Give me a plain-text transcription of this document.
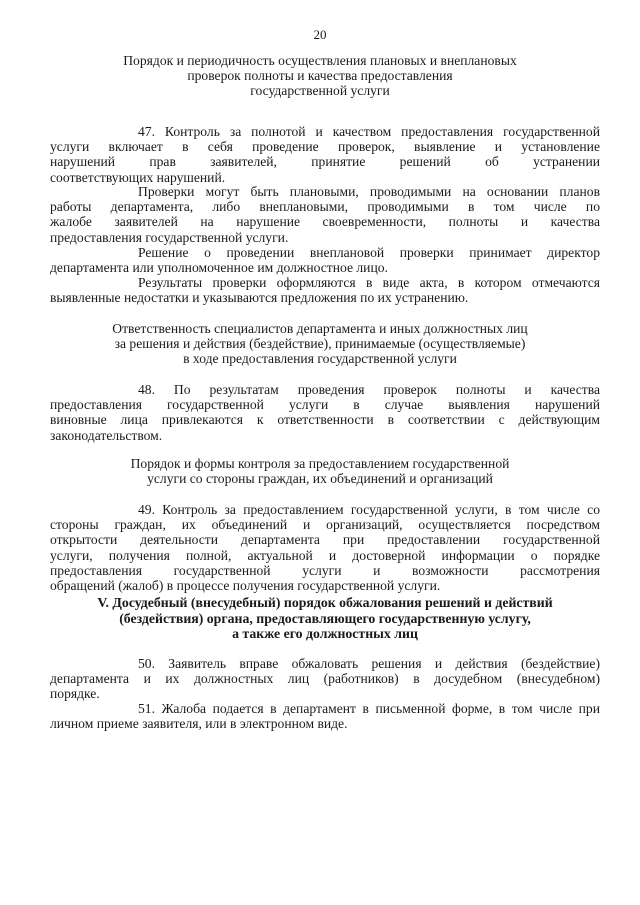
20
Порядок и периодичность осуществления плановых и внеплановых
проверок полноты и качества предоставления
государственной услуги
47. Контроль за полнотой и качеством предоставления государственной
услуги включает в себя проведение проверок, выявление и установление
нарушений прав заявителей, принятие решений об устранении
соответствующих нарушений.
Проверки могут быть плановыми, проводимыми на основании планов
работы департамента, либо внеплановыми, проводимыми в том числе по
жалобе заявителей на нарушение своевременности, полноты и качества
предоставления государственной услуги.
Решение о проведении внеплановой проверки принимает директор
департамента или уполномоченное им должностное лицо.
Результаты проверки оформляются в виде акта, в котором отмечаются
выявленные недостатки и указываются предложения по их устранению.
Ответственность специалистов департамента и иных должностных лиц
за решения и действия (бездействие), принимаемые (осуществляемые)
в ходе предоставления государственной услуги
48. По результатам проведения проверок полноты и качества
предоставления государственной услуги в случае выявления нарушений
виновные лица привлекаются к ответственности в соответствии с действующим
законодательством.
Порядок и формы контроля за предоставлением государственной
услуги со стороны граждан, их объединений и организаций
49. Контроль за предоставлением государственной услуги, в том числе со
стороны граждан, их объединений и организаций, осуществляется посредством
открытости деятельности департамента при предоставлении государственной
услуги, получения полной, актуальной и достоверной информации о порядке
предоставления государственной услуги и возможности рассмотрения
обращений (жалоб) в процессе получения государственной услуги.
V. Досудебный (внесудебный) порядок обжалования решений и действий
(бездействия) органа, предоставляющего государственную услугу,
а также его должностных лиц
50. Заявитель вправе обжаловать решения и действия (бездействие)
департамента и их должностных лиц (работников) в досудебном (внесудебном)
порядке.
51. Жалоба подается в департамент в письменной форме, в том числе при
личном приеме заявителя, или в электронном виде.
